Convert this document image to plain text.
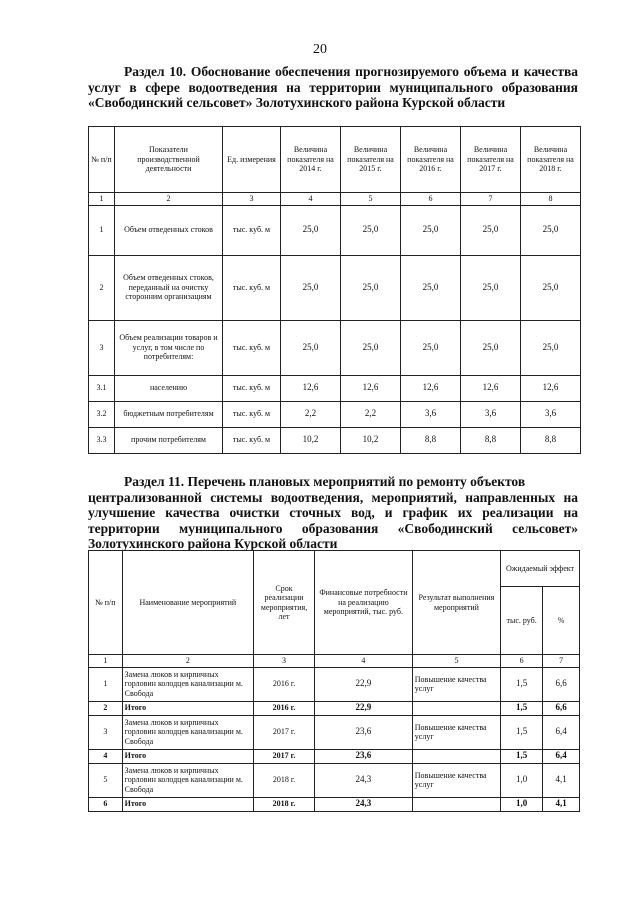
20
Раздел 10. Обоснование обеспечения прогнозируемого объема и качества услуг в сфере водоотведения на территории муниципального образования «Свободинский сельсовет» Золотухинского района Курской области
№ п/п	Показатели производственной деятельности	Ед. измерения	Величина показателя на 2014 г.	Величина показателя на 2015 г.	Величина показателя на 2016 г.	Величина показателя на 2017 г.	Величина показателя на 2018 г.
1	2	3	4	5	6	7	8
1	Объем отведенных стоков	тыс. куб. м	25,0	25,0	25,0	25,0	25,0
2	Объем отведенных стоков, переданный на очистку сторонним организациям	тыс. куб. м	25,0	25,0	25,0	25,0	25,0
3	Объем реализации товаров и услуг, в том числе по потребителям:	тыс. куб. м	25,0	25,0	25,0	25,0	25,0
3.1	населению	тыс. куб. м	12,6	12,6	12,6	12,6	12,6
3.2	бюджетным потребителям	тыс. куб. м	2,2	2,2	3,6	3,6	3,6
3.3	прочим потребителям	тыс. куб. м	10,2	10,2	8,8	8,8	8,8
Раздел 11. Перечень плановых мероприятий по ремонту объектов
централизованной системы водоотведения, мероприятий, направленных на улучшение качества очистки сточных вод, и график их реализации на территории муниципального образования «Свободинский сельсовет» Золотухинского района Курской области
№ п/п	Наименование мероприятий	Срок реализации мероприятия, лет	Финансовые потребности на реализацию мероприятий, тыс. руб.	Результат выполнения мероприятий	Ожидаемый эффект	
					тыс. руб.	%
1	2	3	4	5	6	7
1	Замена люков и кирпичных горловин колодцев канализации м. Свобода	2016 г.	22,9	Повышение качества услуг	1,5	6,6
2	Итого	2016 г.	22,9		1,5	6,6
3	Замена люков и кирпичных горловин колодцев канализации м. Свобода	2017 г.	23,6	Повышение качества услуг	1,5	6,4
4	Итого	2017 г.	23,6		1,5	6,4
5	Замена люков и кирпичных горловин колодцев канализации м. Свобода	2018 г.	24,3	Повышение качества услуг	1,0	4,1
6	Итого	2018 г.	24,3		1,0	4,1
